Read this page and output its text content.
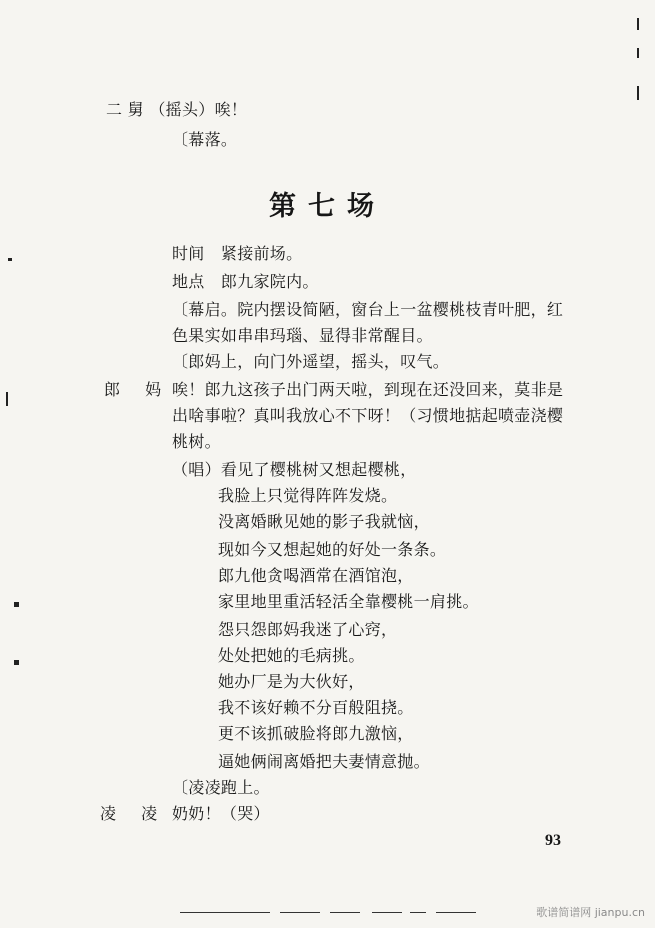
二 舅 （摇头）唉！
〔幕落。
第七场
时间　紧接前场。
地点　郎九家院内。
〔幕启。院内摆设简陋，窗台上一盆樱桃枝青叶肥，红
色果实如串串玛瑙、显得非常醒目。
〔郎妈上，向门外遥望，摇头，叹气。
郎 妈 唉！郎九这孩子出门两天啦，到现在还没回来，莫非是
出啥事啦？真叫我放心不下呀！（习惯地掂起喷壶浇樱
桃树。
（唱）看见了樱桃树又想起樱桃，
我脸上只觉得阵阵发烧。
没离婚瞅见她的影子我就恼，
现如今又想起她的好处一条条。
郎九他贪喝酒常在酒馆泡，
家里地里重活轻活全靠樱桃一肩挑。
怨只怨郎妈我迷了心窍，
处处把她的毛病挑。
她办厂是为大伙好，
我不该好赖不分百般阻挠。
更不该抓破脸将郎九激恼，
逼她俩闹离婚把夫妻情意抛。
〔凌凌跑上。
凌 凌 奶奶！（哭）
93
歌谱简谱网 jianpu.cn
